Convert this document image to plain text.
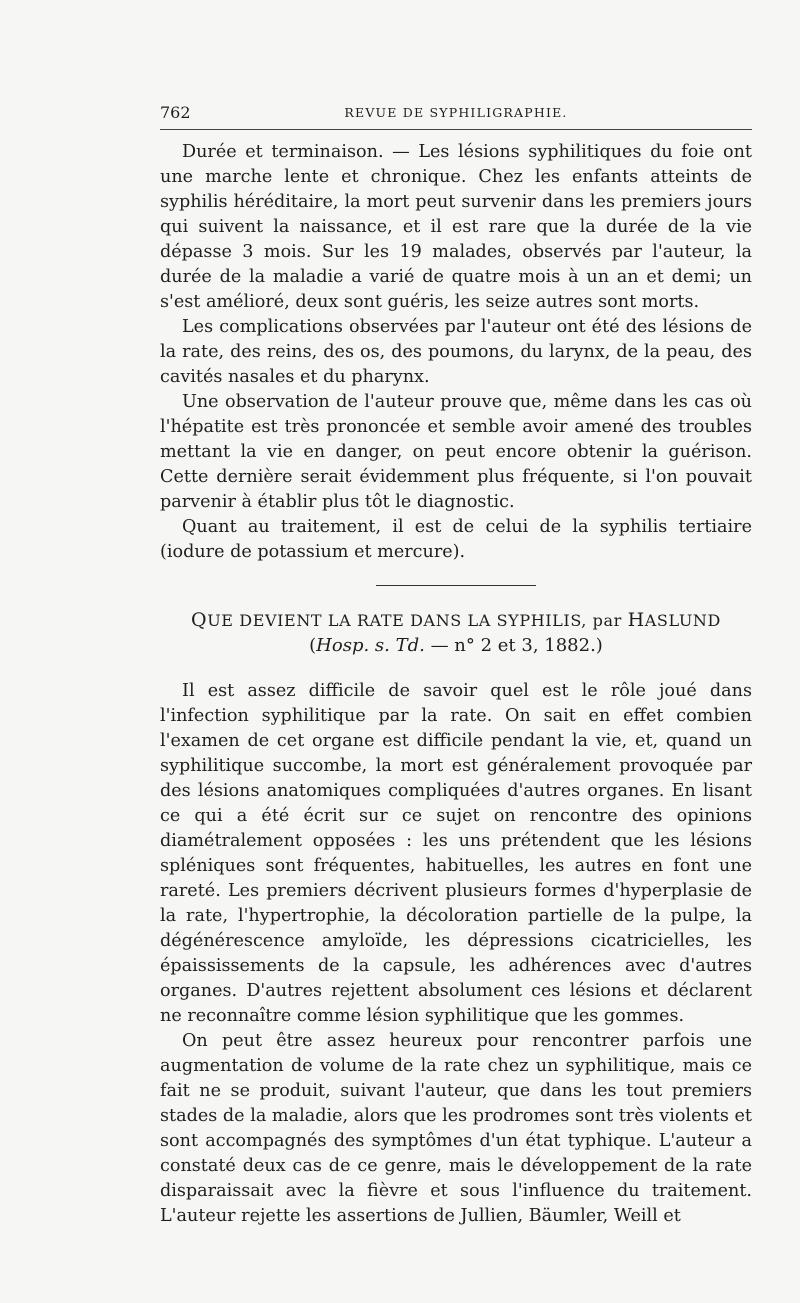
762	REVUE DE SYPHILIGRAPHIE.

Durée et terminaison. — Les lésions syphilitiques du foie ont une marche lente et chronique. Chez les enfants atteints de syphilis héréditaire, la mort peut survenir dans les premiers jours qui suivent la naissance, et il est rare que la durée de la vie dépasse 3 mois. Sur les 19 malades, observés par l'auteur, la durée de la maladie a varié de quatre mois à un an et demi; un s'est amélioré, deux sont guéris, les seize autres sont morts.

Les complications observées par l'auteur ont été des lésions de la rate, des reins, des os, des poumons, du larynx, de la peau, des cavités nasales et du pharynx.

Une observation de l'auteur prouve que, même dans les cas où l'hépatite est très prononcée et semble avoir amené des troubles mettant la vie en danger, on peut encore obtenir la guérison. Cette dernière serait évidemment plus fréquente, si l'on pouvait parvenir à établir plus tôt le diagnostic.

Quant au traitement, il est de celui de la syphilis tertiaire (iodure de potassium et mercure).

QUE DEVIENT LA RATE DANS LA SYPHILIS, par HASLUND

(Hosp. s. Td. — n° 2 et 3, 1882.)

Il est assez difficile de savoir quel est le rôle joué dans l'infection syphilitique par la rate. On sait en effet combien l'examen de cet organe est difficile pendant la vie, et, quand un syphilitique succombe, la mort est généralement provoquée par des lésions anatomiques compliquées d'autres organes. En lisant ce qui a été écrit sur ce sujet on rencontre des opinions diamétralement opposées : les uns prétendent que les lésions spléniques sont fréquentes, habituelles, les autres en font une rareté. Les premiers décrivent plusieurs formes d'hyperplasie de la rate, l'hypertrophie, la décoloration partielle de la pulpe, la dégénérescence amyloïde, les dépressions cicatricielles, les épaississements de la capsule, les adhérences avec d'autres organes. D'autres rejettent absolument ces lésions et déclarent ne reconnaître comme lésion syphilitique que les gommes.

On peut être assez heureux pour rencontrer parfois une augmentation de volume de la rate chez un syphilitique, mais ce fait ne se produit, suivant l'auteur, que dans les tout premiers stades de la maladie, alors que les prodromes sont très violents et sont accompagnés des symptômes d'un état typhique. L'auteur a constaté deux cas de ce genre, mais le développement de la rate disparaissait avec la fièvre et sous l'influence du traitement. L'auteur rejette les assertions de Jullien, Bäumler, Weill et
